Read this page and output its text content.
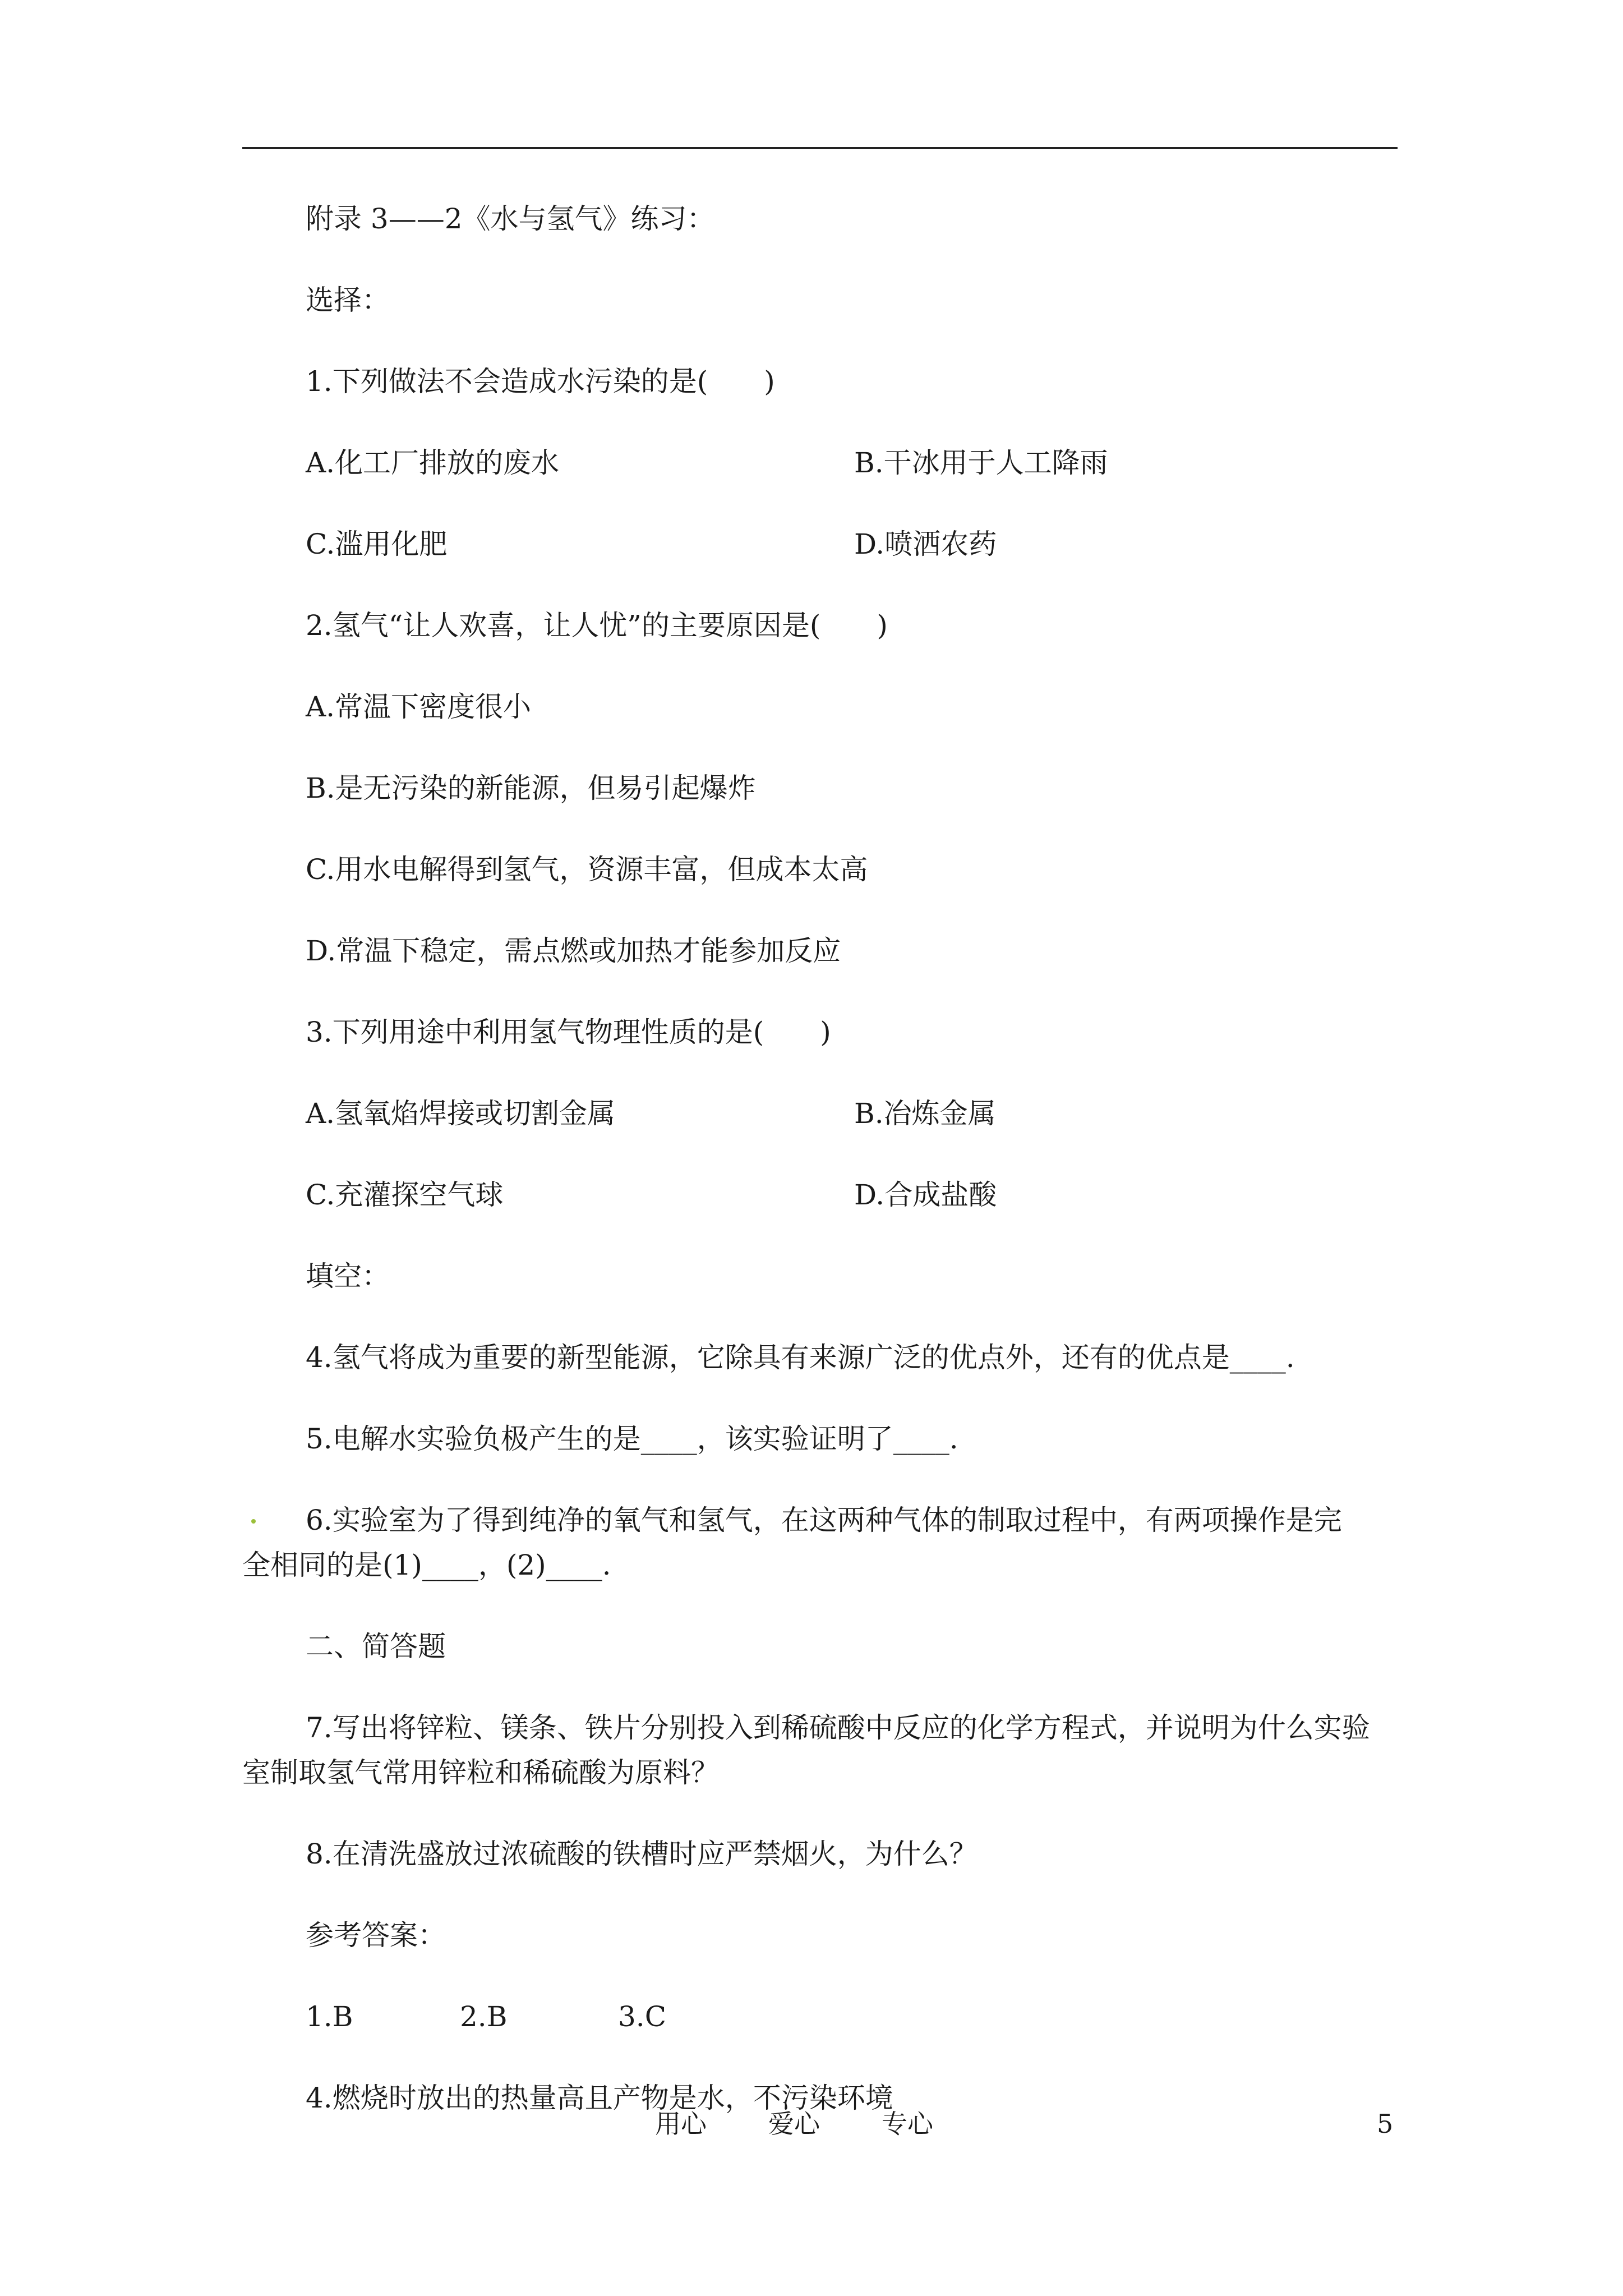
附录 3——2《水与氢气》练习：
选择：
1.下列做法不会造成水污染的是(　　)
A.化工厂排放的废水	B.干冰用于人工降雨
C.滥用化肥	D.喷洒农药
2.氢气“让人欢喜，让人忧”的主要原因是(　　)
A.常温下密度很小
B.是无污染的新能源，但易引起爆炸
C.用水电解得到氢气，资源丰富，但成本太高
D.常温下稳定，需点燃或加热才能参加反应
3.下列用途中利用氢气物理性质的是(　　)
A.氢氧焰焊接或切割金属	B.冶炼金属
C.充灌探空气球	D.合成盐酸
填空：
4.氢气将成为重要的新型能源，它除具有来源广泛的优点外，还有的优点是____.
5.电解水实验负极产生的是____，该实验证明了____.
6.实验室为了得到纯净的氧气和氢气，在这两种气体的制取过程中，有两项操作是完
全相同的是(1)____，(2)____.
二、简答题
7.写出将锌粒、镁条、铁片分别投入到稀硫酸中反应的化学方程式，并说明为什么实验
室制取氢气常用锌粒和稀硫酸为原料？
8.在清洗盛放过浓硫酸的铁槽时应严禁烟火，为什么？
参考答案：
1.B	2.B	3.C
4.燃烧时放出的热量高且产物是水，不污染环境
用心 爱心 专心	5
